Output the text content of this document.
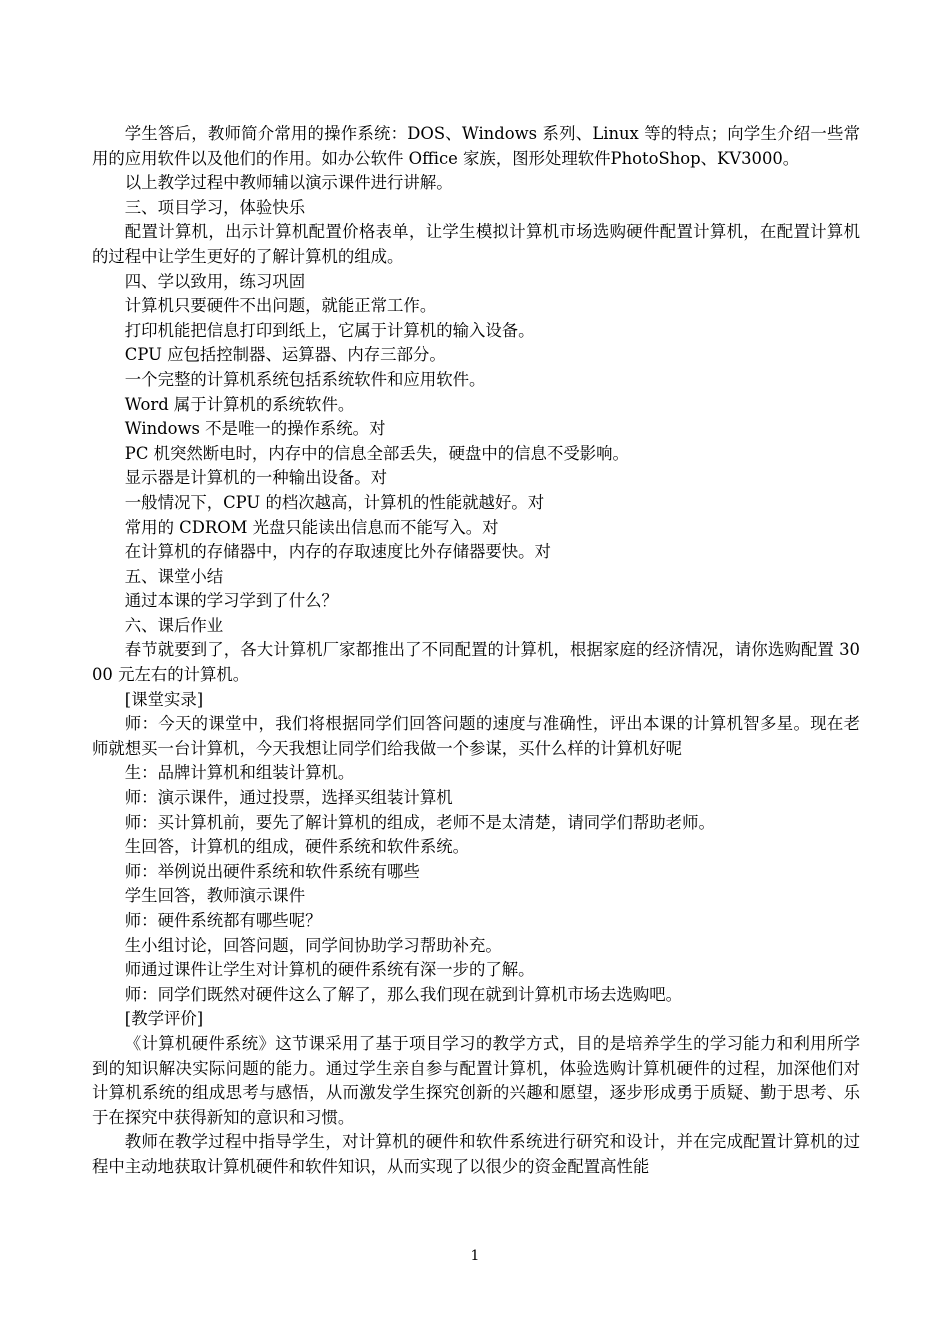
学生答后，教师简介常用的操作系统：DOS、Windows 系列、Linux 等的特点；向学生介绍一些常用的应用软件以及他们的作用。如办公软件 Office 家族，图形处理软件PhotoShop、KV3000。

以上教学过程中教师辅以演示课件进行讲解。

三、项目学习，体验快乐

配置计算机，出示计算机配置价格表单，让学生模拟计算机市场选购硬件配置计算机，在配置计算机的过程中让学生更好的了解计算机的组成。

四、学以致用，练习巩固

计算机只要硬件不出问题，就能正常工作。

打印机能把信息打印到纸上，它属于计算机的输入设备。

CPU 应包括控制器、运算器、内存三部分。

一个完整的计算机系统包括系统软件和应用软件。

Word 属于计算机的系统软件。

Windows 不是唯一的操作系统。对

PC 机突然断电时，内存中的信息全部丢失，硬盘中的信息不受影响。

显示器是计算机的一种输出设备。对

一般情况下，CPU 的档次越高，计算机的性能就越好。对

常用的 CDROM 光盘只能读出信息而不能写入。对

在计算机的存储器中，内存的存取速度比外存储器要快。对

五、课堂小结

通过本课的学习学到了什么？

六、课后作业

春节就要到了，各大计算机厂家都推出了不同配置的计算机，根据家庭的经济情况，请你选购配置 3000 元左右的计算机。

[课堂实录]

师：今天的课堂中，我们将根据同学们回答问题的速度与准确性，评出本课的计算机智多星。现在老师就想买一台计算机，今天我想让同学们给我做一个参谋，买什么样的计算机好呢

生：品牌计算机和组装计算机。

师：演示课件，通过投票，选择买组装计算机

师：买计算机前，要先了解计算机的组成，老师不是太清楚，请同学们帮助老师。

生回答，计算机的组成，硬件系统和软件系统。

师：举例说出硬件系统和软件系统有哪些

学生回答，教师演示课件

师：硬件系统都有哪些呢？

生小组讨论，回答问题，同学间协助学习帮助补充。

师通过课件让学生对计算机的硬件系统有深一步的了解。

师：同学们既然对硬件这么了解了，那么我们现在就到计算机市场去选购吧。

[教学评价]

《计算机硬件系统》这节课采用了基于项目学习的教学方式，目的是培养学生的学习能力和利用所学到的知识解决实际问题的能力。通过学生亲自参与配置计算机，体验选购计算机硬件的过程，加深他们对计算机系统的组成思考与感悟，从而激发学生探究创新的兴趣和愿望，逐步形成勇于质疑、勤于思考、乐于在探究中获得新知的意识和习惯。

教师在教学过程中指导学生，对计算机的硬件和软件系统进行研究和设计，并在完成配置计算机的过程中主动地获取计算机硬件和软件知识，从而实现了以很少的资金配置高性能

1
